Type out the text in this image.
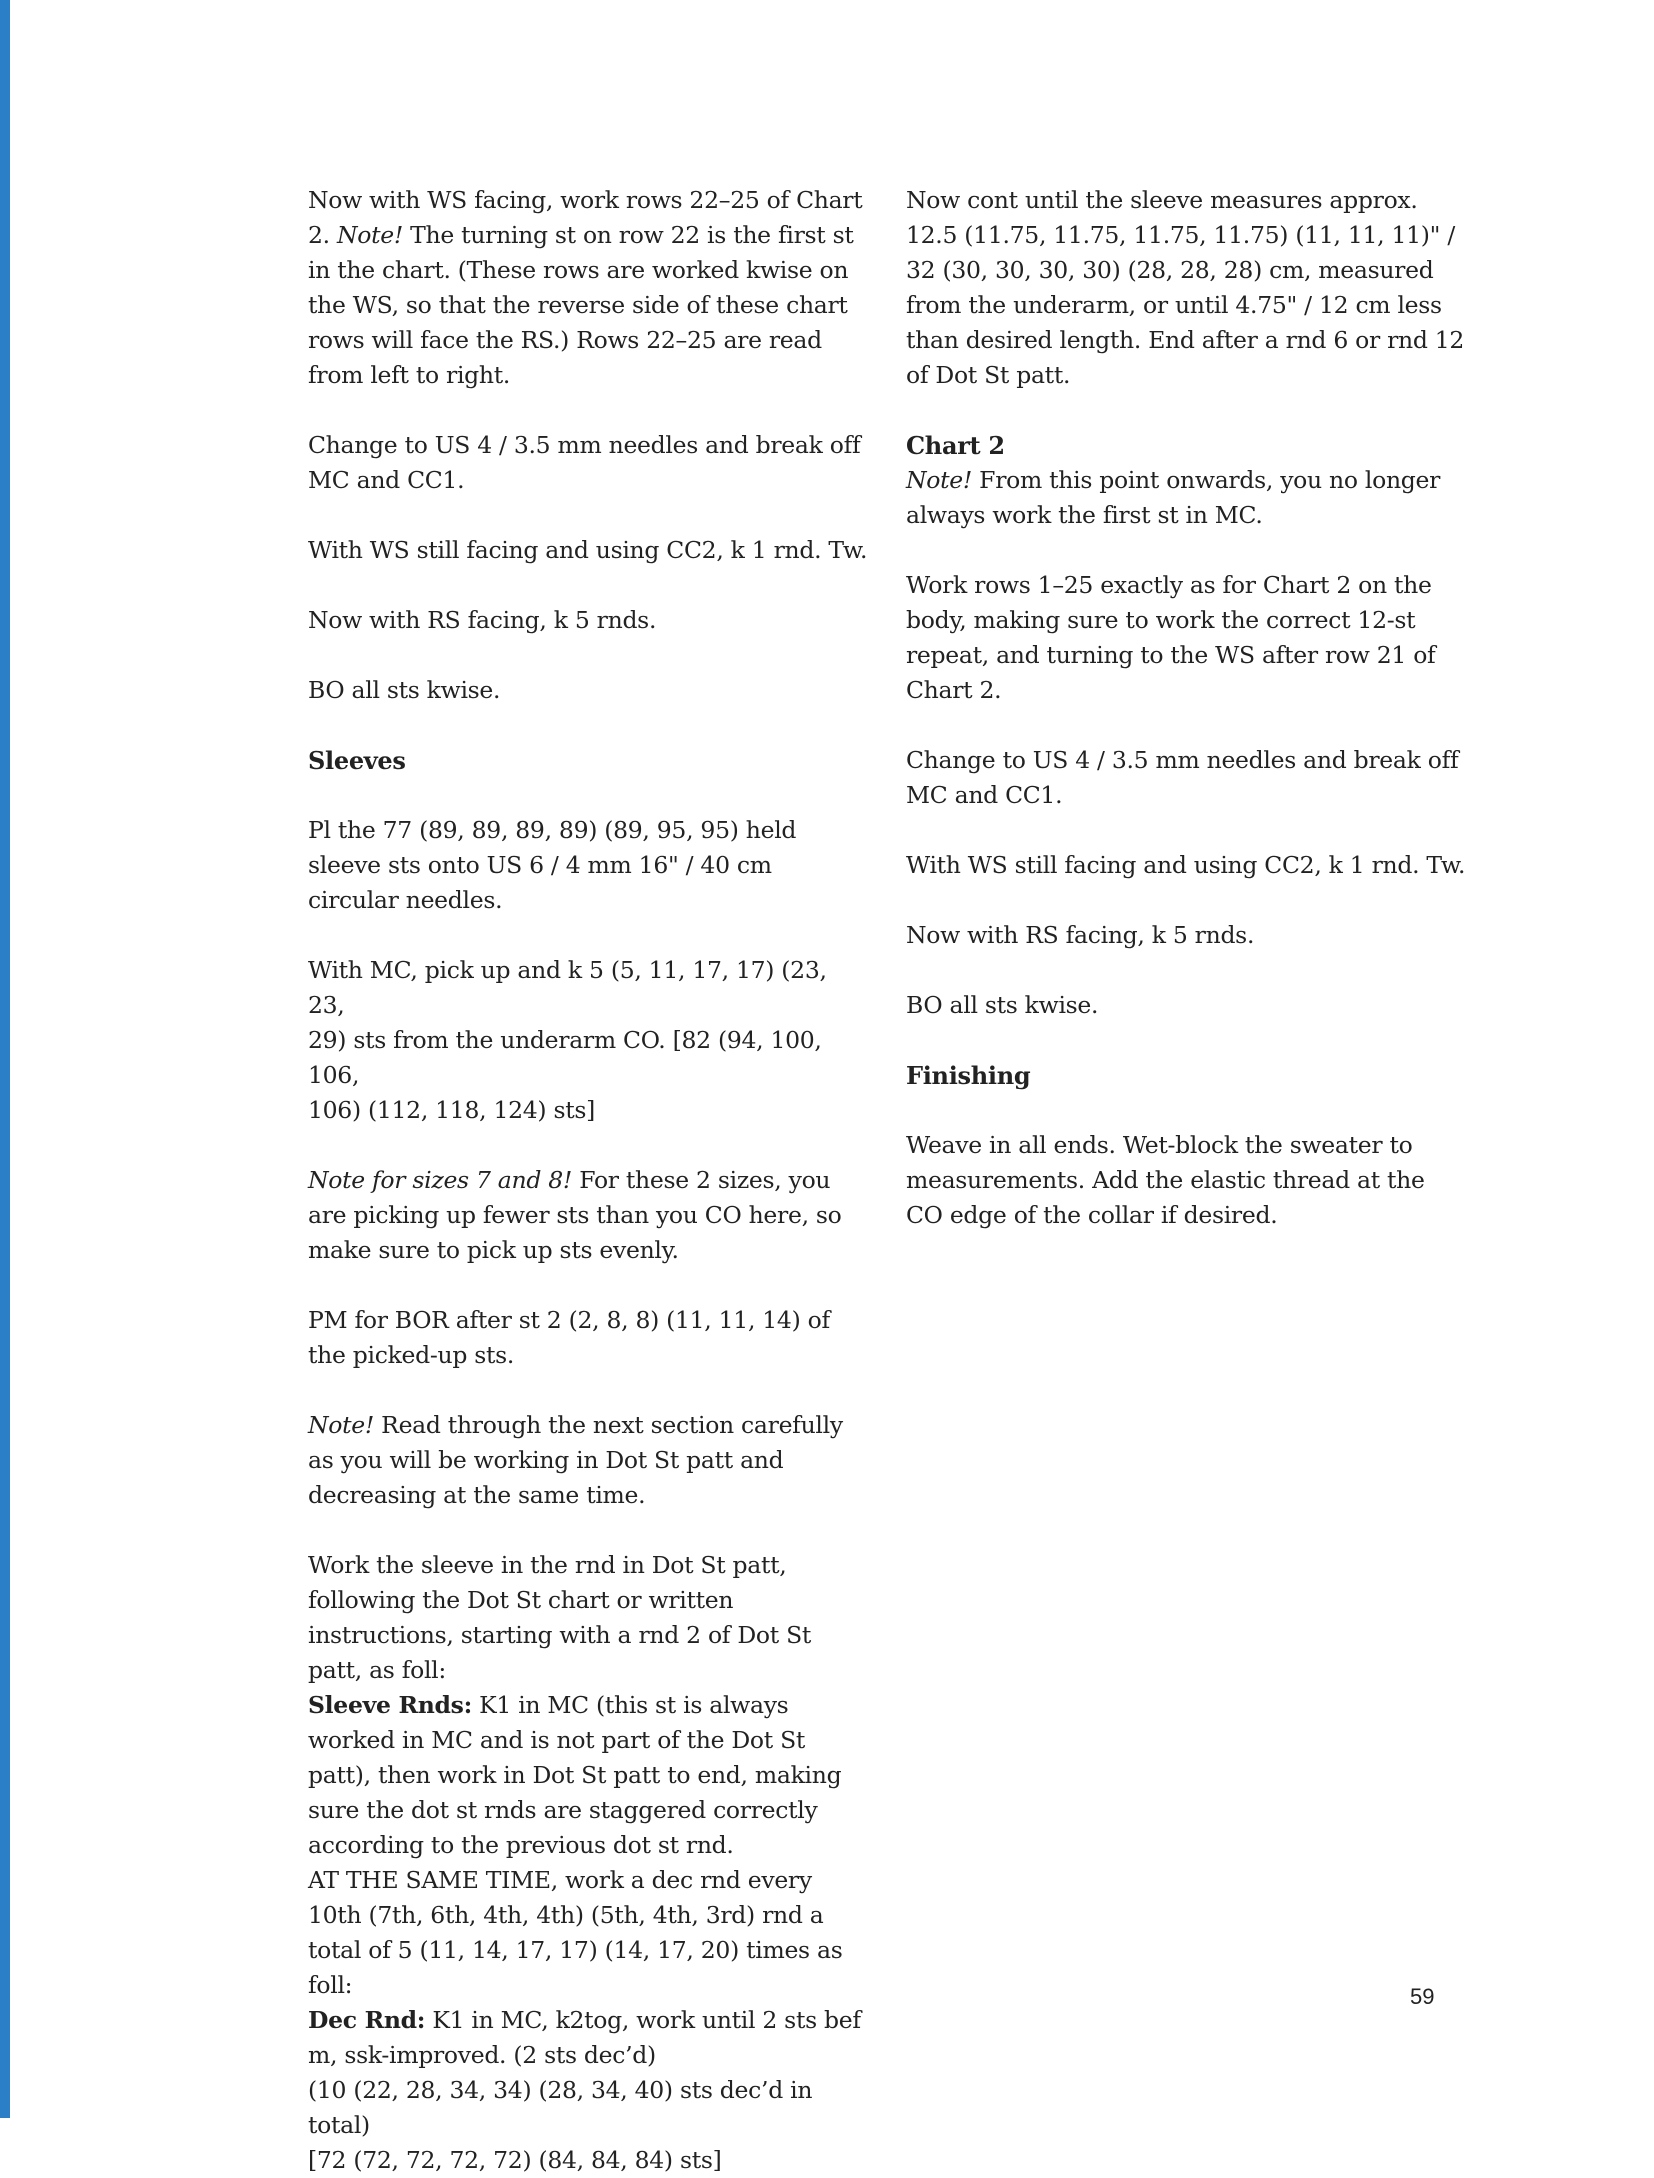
Now with WS facing, work rows 22–25 of Chart 2. Note! The turning st on row 22 is the first st in the chart. (These rows are worked kwise on the WS, so that the reverse side of these chart rows will face the RS.) Rows 22–25 are read from left to right.

Change to US 4 / 3.5 mm needles and break off MC and CC1.

With WS still facing and using CC2, k 1 rnd. Tw.

Now with RS facing, k 5 rnds.

BO all sts kwise.

Sleeves

Pl the 77 (89, 89, 89, 89) (89, 95, 95) held sleeve sts onto US 6 / 4 mm 16" / 40 cm circular needles.

With MC, pick up and k 5 (5, 11, 17, 17) (23, 23,
29) sts from the underarm CO. [82 (94, 100, 106,
106) (112, 118, 124) sts]

Note for sizes 7 and 8! For these 2 sizes, you are picking up fewer sts than you CO here, so make sure to pick up sts evenly.

PM for BOR after st 2 (2, 8, 8) (11, 11, 14) of the picked-up sts.

Note! Read through the next section carefully as you will be working in Dot St patt and decreasing at the same time.

Work the sleeve in the rnd in Dot St patt, following the Dot St chart or written instructions, starting with a rnd 2 of Dot St patt, as foll:

Sleeve Rnds: K1 in MC (this st is always worked in MC and is not part of the Dot St patt), then work in Dot St patt to end, making sure the dot st rnds are staggered correctly according to the previous dot st rnd.

AT THE SAME TIME, work a dec rnd every 10th (7th, 6th, 4th, 4th) (5th, 4th, 3rd) rnd a total of 5 (11, 14, 17, 17) (14, 17, 20) times as foll:

Dec Rnd: K1 in MC, k2tog, work until 2 sts bef m, ssk-improved. (2 sts dec’d)

(10 (22, 28, 34, 34) (28, 34, 40) sts dec’d in total)

[72 (72, 72, 72, 72) (84, 84, 84) sts]

Now cont until the sleeve measures approx. 12.5 (11.75, 11.75, 11.75, 11.75) (11, 11, 11)" / 32 (30, 30, 30, 30) (28, 28, 28) cm, measured from the underarm, or until 4.75" / 12 cm less than desired length. End after a rnd 6 or rnd 12 of Dot St patt.

Chart 2

Note! From this point onwards, you no longer always work the first st in MC.

Work rows 1–25 exactly as for Chart 2 on the body, making sure to work the correct 12-st repeat, and turning to the WS after row 21 of Chart 2.

Change to US 4 / 3.5 mm needles and break off MC and CC1.

With WS still facing and using CC2, k 1 rnd. Tw.

Now with RS facing, k 5 rnds.

BO all sts kwise.

Finishing

Weave in all ends. Wet-block the sweater to measurements. Add the elastic thread at the CO edge of the collar if desired.

59
